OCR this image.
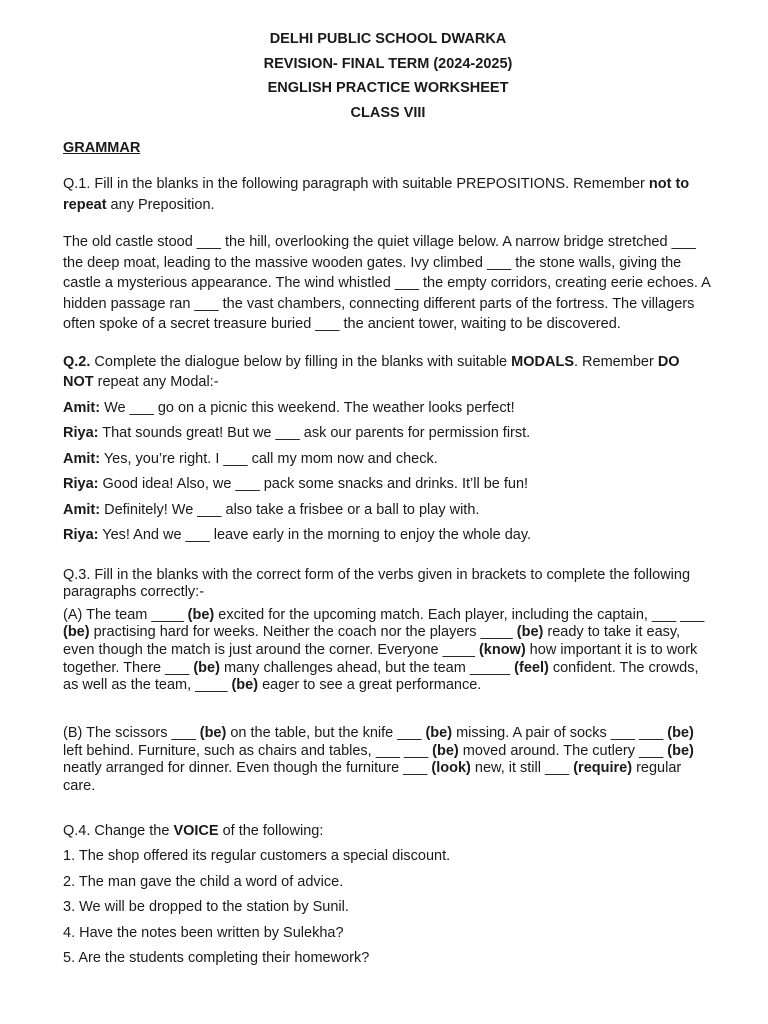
DELHI PUBLIC SCHOOL DWARKA
REVISION- FINAL TERM (2024-2025)
ENGLISH PRACTICE WORKSHEET
CLASS VIII
GRAMMAR

Q.1. Fill in the blanks in the following paragraph with suitable PREPOSITIONS. Remember not to repeat any Preposition.

The old castle stood ___ the hill, overlooking the quiet village below. A narrow bridge stretched ___ the deep moat, leading to the massive wooden gates. Ivy climbed ___ the stone walls, giving the castle a mysterious appearance. The wind whistled ___ the empty corridors, creating eerie echoes. A hidden passage ran ___ the vast chambers, connecting different parts of the fortress. The villagers often spoke of a secret treasure buried ___ the ancient tower, waiting to be discovered.

Q.2. Complete the dialogue below by filling in the blanks with suitable MODALS. Remember DO NOT repeat any Modal:-

Amit: We ___ go on a picnic this weekend. The weather looks perfect!

Riya: That sounds great! But we ___ ask our parents for permission first.

Amit: Yes, you’re right. I ___ call my mom now and check.

Riya: Good idea! Also, we ___ pack some snacks and drinks. It’ll be fun!

Amit: Definitely! We ___ also take a frisbee or a ball to play with.

Riya: Yes! And we ___ leave early in the morning to enjoy the whole day.

Q.3. Fill in the blanks with the correct form of the verbs given in brackets to complete the following paragraphs correctly:-

(A) The team ____ (be) excited for the upcoming match. Each player, including the captain, ___ ___ (be) practising hard for weeks. Neither the coach nor the players ____ (be) ready to take it easy, even though the match is just around the corner. Everyone ____ (know) how important it is to work together. There ___ (be) many challenges ahead, but the team _____ (feel) confident. The crowds, as well as the team, ____ (be) eager to see a great performance.

(B) The scissors ___ (be) on the table, but the knife ___ (be) missing. A pair of socks ___ ___ (be) left behind. Furniture, such as chairs and tables, ___ ___ (be) moved around. The cutlery ___ (be) neatly arranged for dinner. Even though the furniture ___ (look) new, it still ___ (require) regular care.

Q.4. Change the VOICE of the following:

1. The shop offered its regular customers a special discount.

2. The man gave the child a word of advice.

3. We will be dropped to the station by Sunil.

4. Have the notes been written by Sulekha?

5. Are the students completing their homework?
